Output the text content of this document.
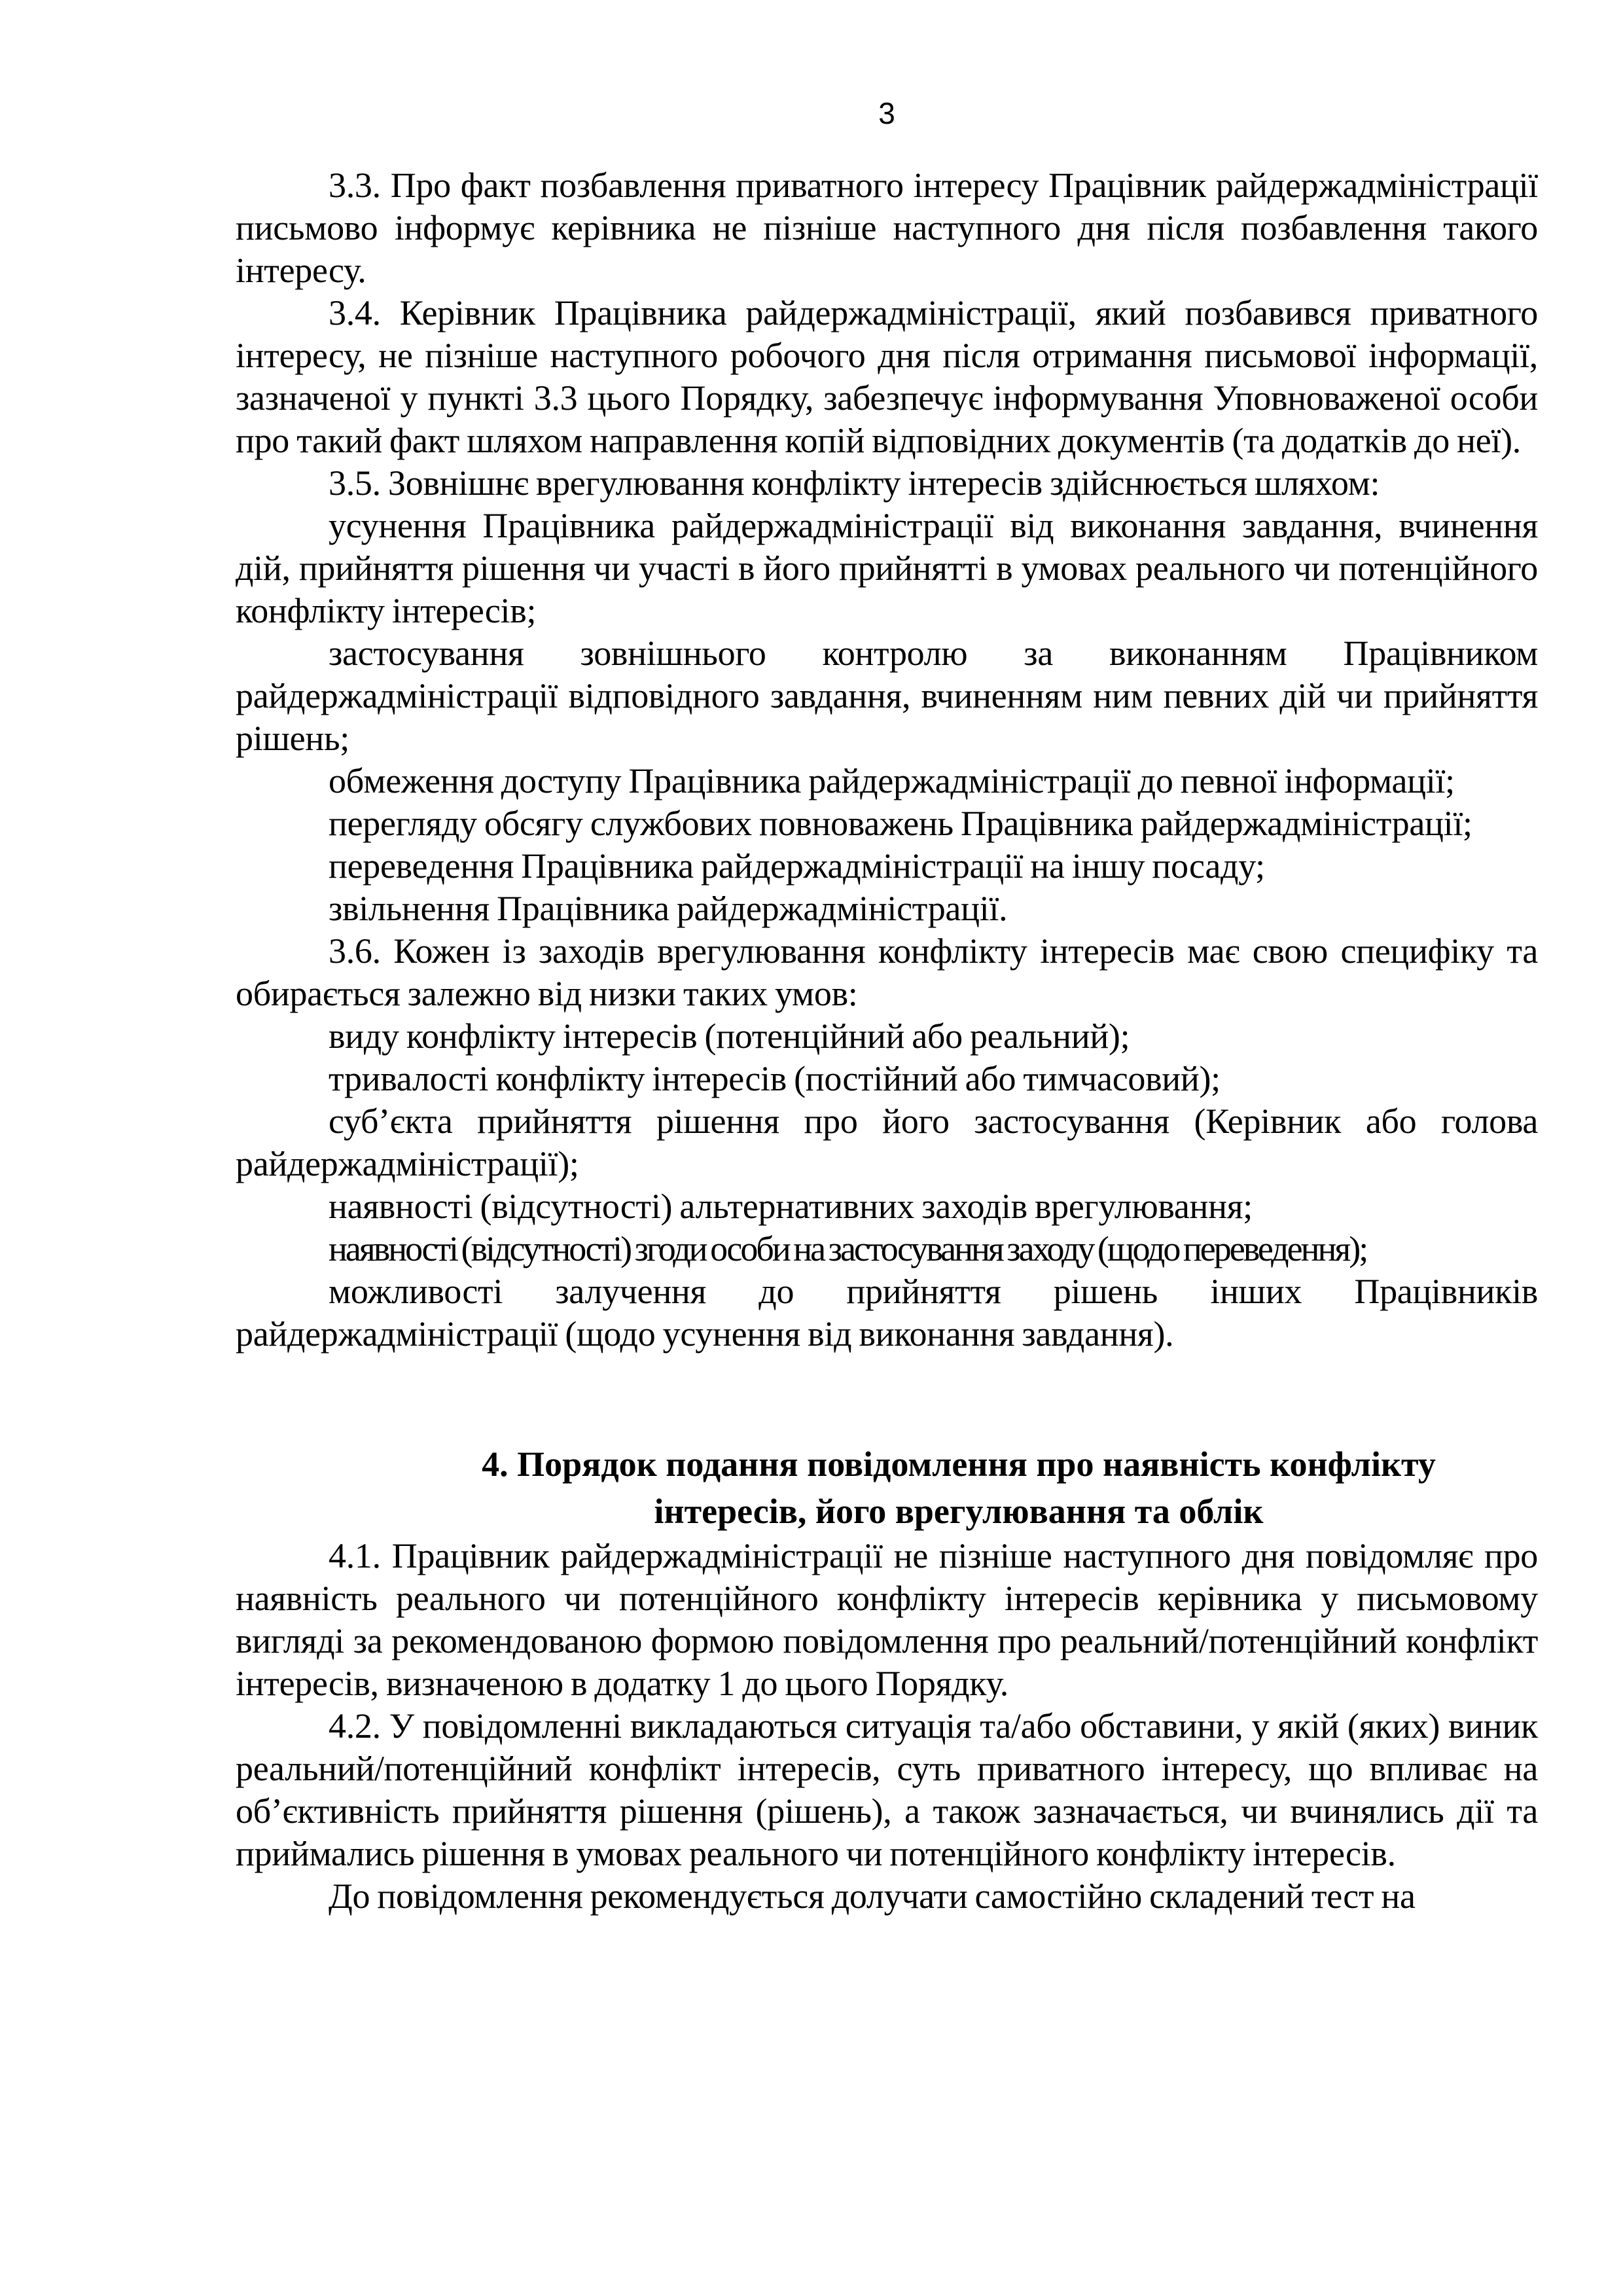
3

3.3. Про факт позбавлення приватного інтересу Працівник райдержадміністрації письмово інформує керівника не пізніше наступного дня після позбавлення такого інтересу.

3.4. Керівник Працівника райдержадміністрації, який позбавився приватного інтересу, не пізніше наступного робочого дня після отримання письмової інформації, зазначеної у пункті 3.3 цього Порядку, забезпечує інформування Уповноваженої особи про такий факт шляхом направлення копій відповідних документів (та додатків до неї).

3.5. Зовнішнє врегулювання конфлікту інтересів здійснюється шляхом:

усунення Працівника райдержадміністрації від виконання завдання, вчинення дій, прийняття рішення чи участі в його прийнятті в умовах реального чи потенційного конфлікту інтересів;

застосування зовнішнього контролю за виконанням Працівником райдержадміністрації відповідного завдання, вчиненням ним певних дій чи прийняття рішень;

обмеження доступу Працівника райдержадміністрації до певної інформації;

перегляду обсягу службових повноважень Працівника райдержадміністрації;

переведення Працівника райдержадміністрації на іншу посаду;

звільнення Працівника райдержадміністрації.

3.6. Кожен із заходів врегулювання конфлікту інтересів має свою специфіку та обирається залежно від низки таких умов:

виду конфлікту інтересів (потенційний або реальний);

тривалості конфлікту інтересів (постійний або тимчасовий);

суб’єкта прийняття рішення про його застосування (Керівник або голова райдержадміністрації);

наявності (відсутності) альтернативних заходів врегулювання;

наявності (відсутності) згоди особи на застосування заходу (щодо переведення);

можливості залучення до прийняття рішень інших Працівників райдержадміністрації (щодо усунення від виконання завдання).

4. Порядок подання повідомлення про наявність конфлікту
інтересів, його врегулювання та облік

4.1. Працівник райдержадміністрації не пізніше наступного дня повідомляє про наявність реального чи потенційного конфлікту інтересів керівника у письмовому вигляді за рекомендованою формою повідомлення про реальний/потенційний конфлікт інтересів, визначеною в додатку 1 до цього Порядку.

4.2. У повідомленні викладаються ситуація та/або обставини, у якій (яких) виник реальний/потенційний конфлікт інтересів, суть приватного інтересу, що впливає на об’єктивність прийняття рішення (рішень), а також зазначається, чи вчинялись дії та приймались рішення в умовах реального чи потенційного конфлікту інтересів.

До повідомлення рекомендується долучати самостійно складений тест на
